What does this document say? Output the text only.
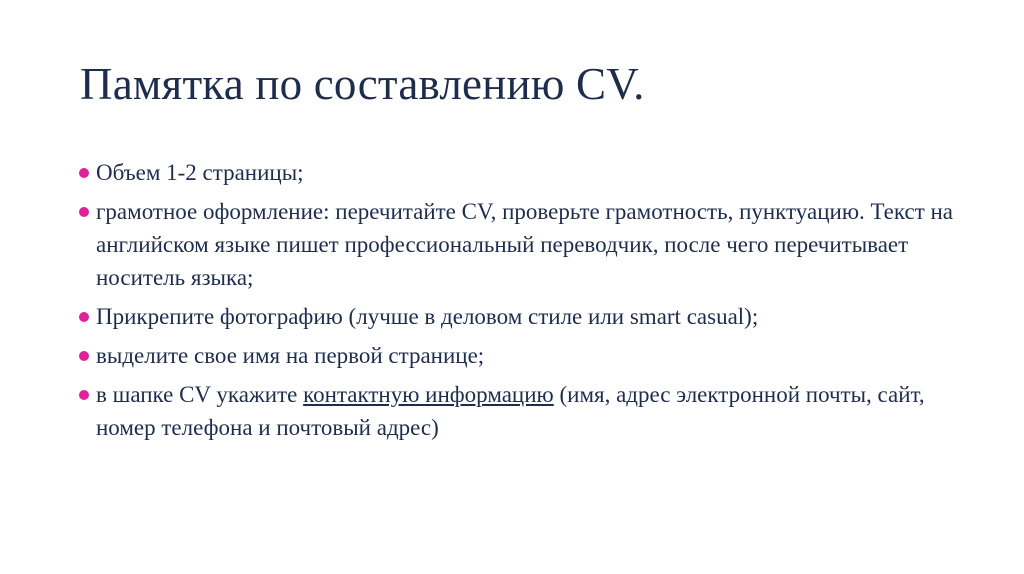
Памятка по составлению CV.
Объем 1-2 страницы;
грамотное оформление: перечитайте CV, проверьте грамотность, пунктуацию. Текст на английском языке пишет профессиональный переводчик, после чего перечитывает носитель языка;
Прикрепите фотографию (лучше в деловом стиле или smart casual);
выделите свое имя на первой странице;
в шапке CV укажите контактную информацию (имя, адрес электронной почты, сайт, номер телефона и почтовый адрес)
